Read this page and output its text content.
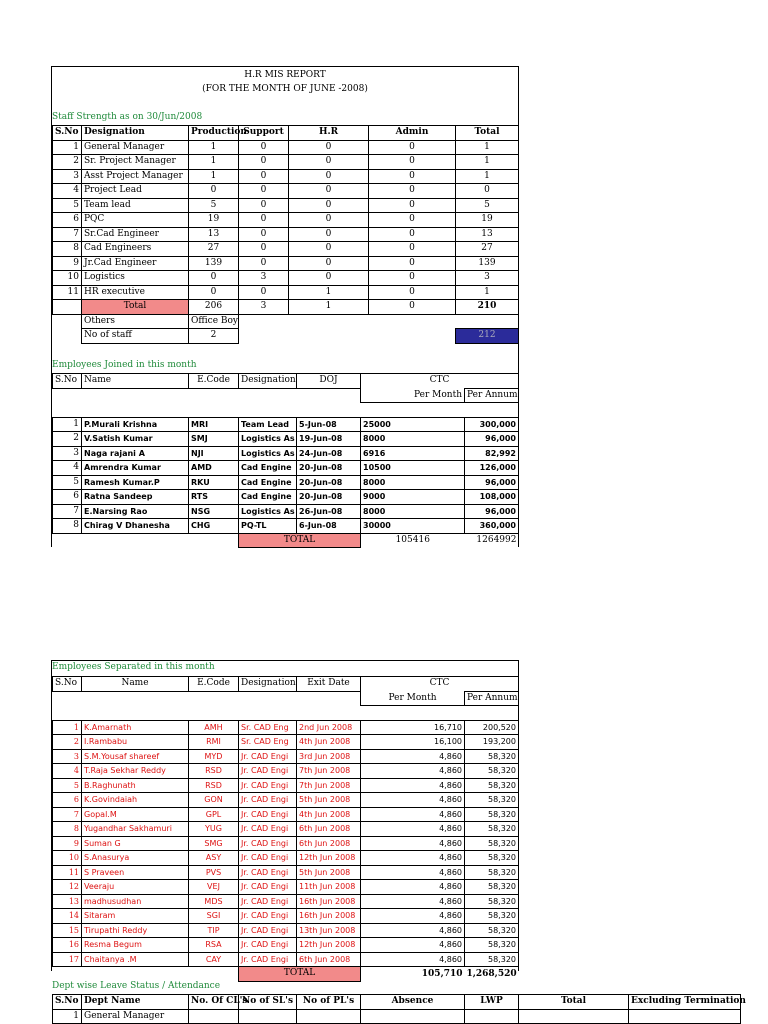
H.R MIS REPORT
(FOR THE MONTH OF JUNE -2008)
Staff Strength as on 30/Jun/2008
S.No	Designation	Production	Support	H.R	Admin	Total
1	General Manager	1	0	0	0	1
2	Sr. Project Manager	1	0	0	0	1
3	Asst Project Manager	1	0	0	0	1
4	Project Lead	0	0	0	0	0
5	Team lead	5	0	0	0	5
6	PQC	19	0	0	0	19
7	Sr.Cad Engineer	13	0	0	0	13
8	Cad Engineers	27	0	0	0	27
9	Jr.Cad Engineer	139	0	0	0	139
10	Logistics	0	3	0	0	3
11	HR executive	0	0	1	0	1
	Total	206	3	1	0	210
	Others	Office Boy				
	No of staff	2				212
Employees Joined in this month
S.No	Name	E.Code	Designation	DOJ	CTC	
					Per Month	Per Annum

1	P.Murali Krishna	MRI	Team Lead	5-Jun-08	25000	300,000
2	V.Satish Kumar	SMJ	Logistics As	19-Jun-08	8000	96,000
3	Naga rajani A	NJI	Logistics As	24-Jun-08	6916	82,992
4	Amrendra Kumar	AMD	Cad Engine	20-Jun-08	10500	126,000
5	Ramesh Kumar.P	RKU	Cad Engine	20-Jun-08	8000	96,000
6	Ratna Sandeep	RTS	Cad Engine	20-Jun-08	9000	108,000
7	E.Narsing Rao	NSG	Logistics As	26-Jun-08	8000	96,000
8	Chirag V Dhanesha	CHG	PQ-TL	6-Jun-08	30000	360,000
			TOTAL		105416	1264992
Employees Separated in this month
S.No	Name	E.Code	Designation	Exit Date	CTC	
					Per Month	Per Annum

1	K.Amarnath	AMH	Sr. CAD Eng	2nd Jun 2008	16,710	200,520
2	I.Rambabu	RMI	Sr. CAD Eng	4th Jun 2008	16,100	193,200
3	S.M.Yousaf shareef	MYD	Jr. CAD Engi	3rd Jun 2008	4,860	58,320
4	T.Raja Sekhar Reddy	RSD	Jr. CAD Engi	7th Jun 2008	4,860	58,320
5	B.Raghunath	RSD	Jr. CAD Engi	7th Jun 2008	4,860	58,320
6	K.Govindaiah	GON	Jr. CAD Engi	5th Jun 2008	4,860	58,320
7	Gopal.M	GPL	Jr. CAD Engi	4th Jun 2008	4,860	58,320
8	Yugandhar Sakhamuri	YUG	Jr. CAD Engi	6th Jun 2008	4,860	58,320
9	Suman G	SMG	Jr. CAD Engi	6th Jun 2008	4,860	58,320
10	S.Anasurya	ASY	Jr. CAD Engi	12th Jun 2008	4,860	58,320
11	S Praveen	PVS	Jr. CAD Engi	5th Jun 2008	4,860	58,320
12	Veeraju	VEJ	Jr. CAD Engi	11th Jun 2008	4,860	58,320
13	madhusudhan	MDS	Jr. CAD Engi	16th Jun 2008	4,860	58,320
14	Sitaram	SGI	Jr. CAD Engi	16th Jun 2008	4,860	58,320
15	Tirupathi Reddy	TIP	Jr. CAD Engi	13th Jun 2008	4,860	58,320
16	Resma Begum	RSA	Jr. CAD Engi	12th Jun 2008	4,860	58,320
17	Chaitanya .M	CAY	Jr. CAD Engi	6th Jun 2008	4,860	58,320
			TOTAL		105,710	1,268,520
Dept wise Leave Status / Attendance
S.No	Dept Name	No. Of CL's	No of SL's	No of PL's	Absence	LWP	Total	Excluding Termination
1	General Manager							
